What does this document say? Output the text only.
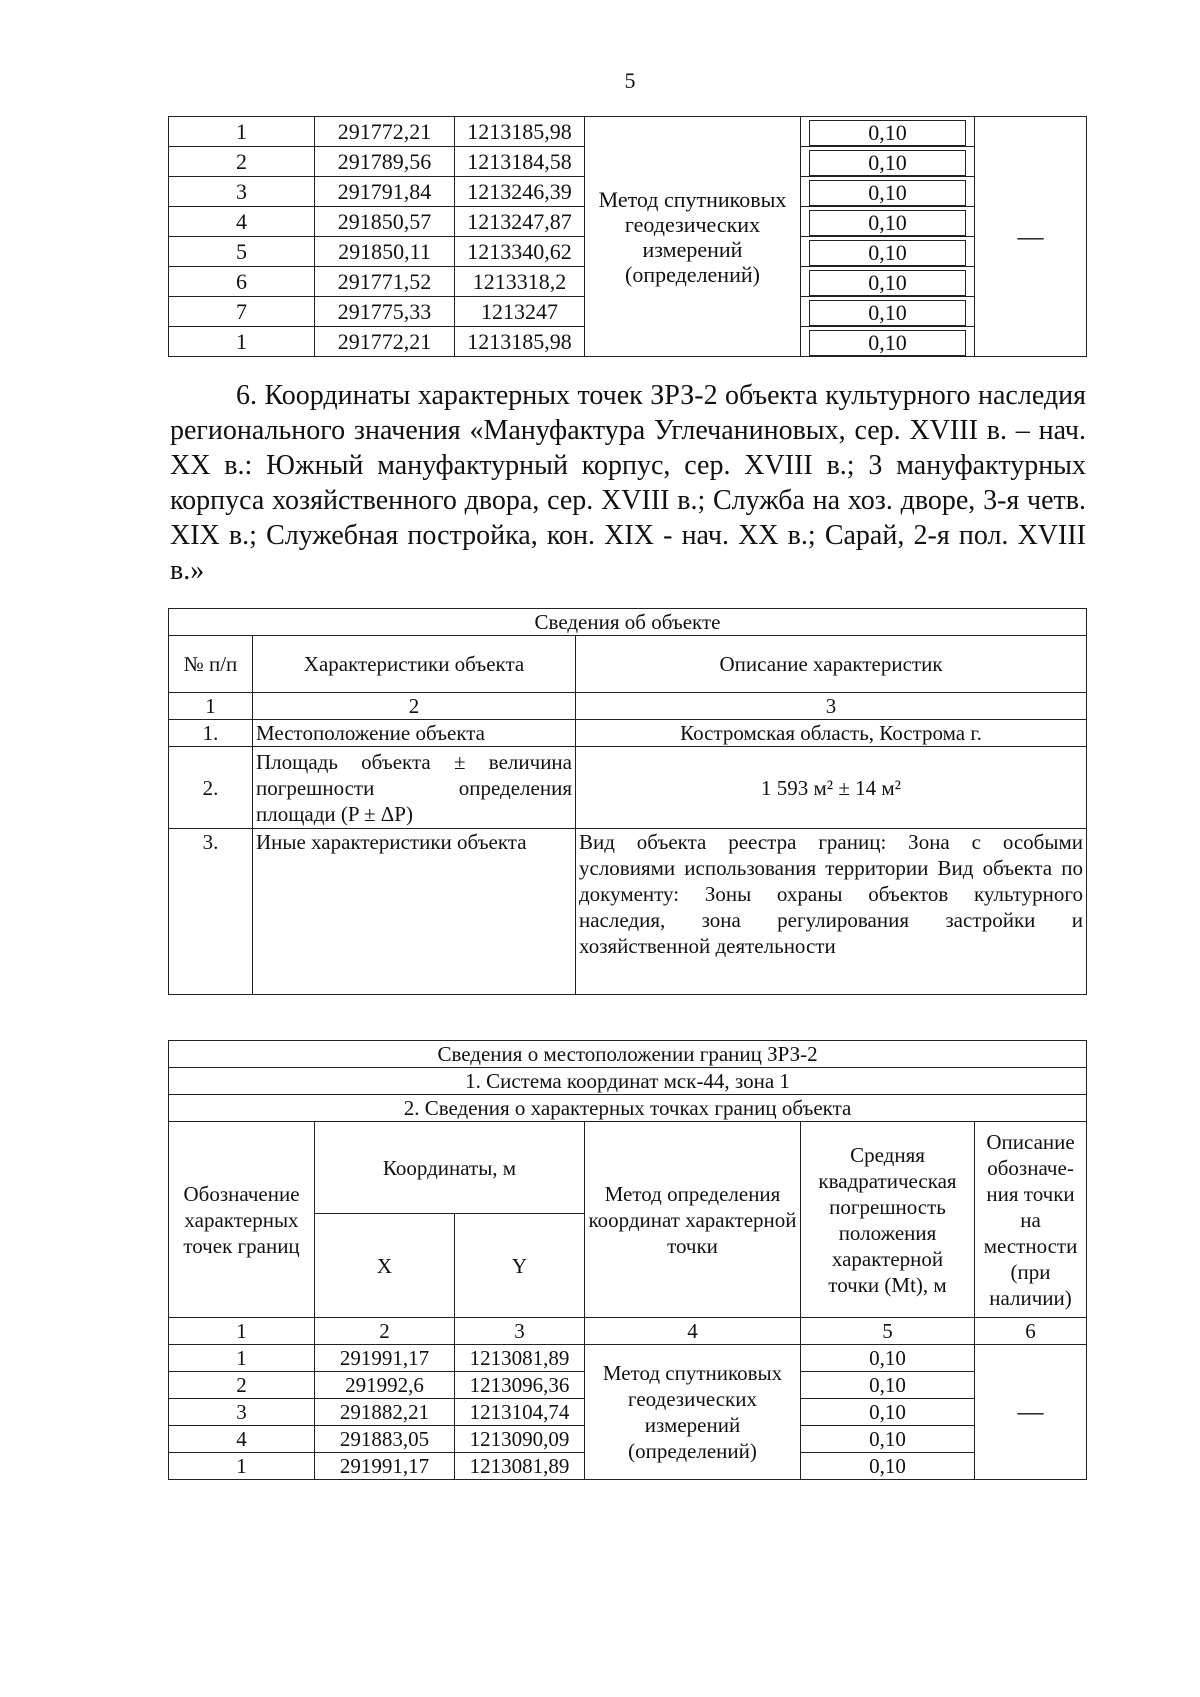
5
1	291772,21	1213185,98	Метод спутниковых геодезических измерений (определений)	0,10	—
2	291789,56	1213184,58		0,10	

3	291791,84	1213246,39		0,10	

4	291850,57	1213247,87		0,10	

5	291850,11	1213340,62		0,10	

6	291771,52	1213318,2		0,10	

7	291775,33	1213247		0,10	

1	291772,21	1213185,98		0,10	

6. Координаты характерных точек ЗРЗ-2 объекта культурного наследия регионального значения «Мануфактура Углечаниновых, сер. XVIII в. – нач. XX в.: Южный мануфактурный корпус, сер. XVIII в.; 3 мануфактурных корпуса хозяйственного двора, сер. XVIII в.; Служба на хоз. дворе, 3-я четв. XIX в.; Служебная постройка, кон. XIX - нач. XX в.; Сарай, 2-я пол. XVIII в.»

Сведения об объекте		
№ п/п	Характеристики объекта	Описание характеристик
1	2	3
1.	Местоположение объекта	Костромская область, Кострома г.
2.	Площадь объекта ± величина погрешности определения площади (P ± ΔP)	1 593 м² ± 14 м²
3.	Иные характеристики объекта	Вид объекта реестра границ: Зона с особыми условиями использования территории Вид объекта по документу: Зоны охраны объектов культурного наследия, зона регулирования застройки и хозяйственной деятельности
Сведения о местоположении границ ЗРЗ-2					
1. Система координат мск-44, зона 1					
2. Сведения о характерных точках границ объекта					
Обозначение характерных точек границ	Координаты, м		Метод определения координат характерной точки	Средняя квадратическая погрешность положения характерной точки (Mt), м	Описание обозначе-ния точки на местности (при наличии)
	X	Y			
1	2	3	4	5	6
1	291991,17	1213081,89	Метод спутниковых геодезических измерений (определений)	0,10	—
2	291992,6	1213096,36		0,10	
3	291882,21	1213104,74		0,10	
4	291883,05	1213090,09		0,10	
1	291991,17	1213081,89		0,10	
